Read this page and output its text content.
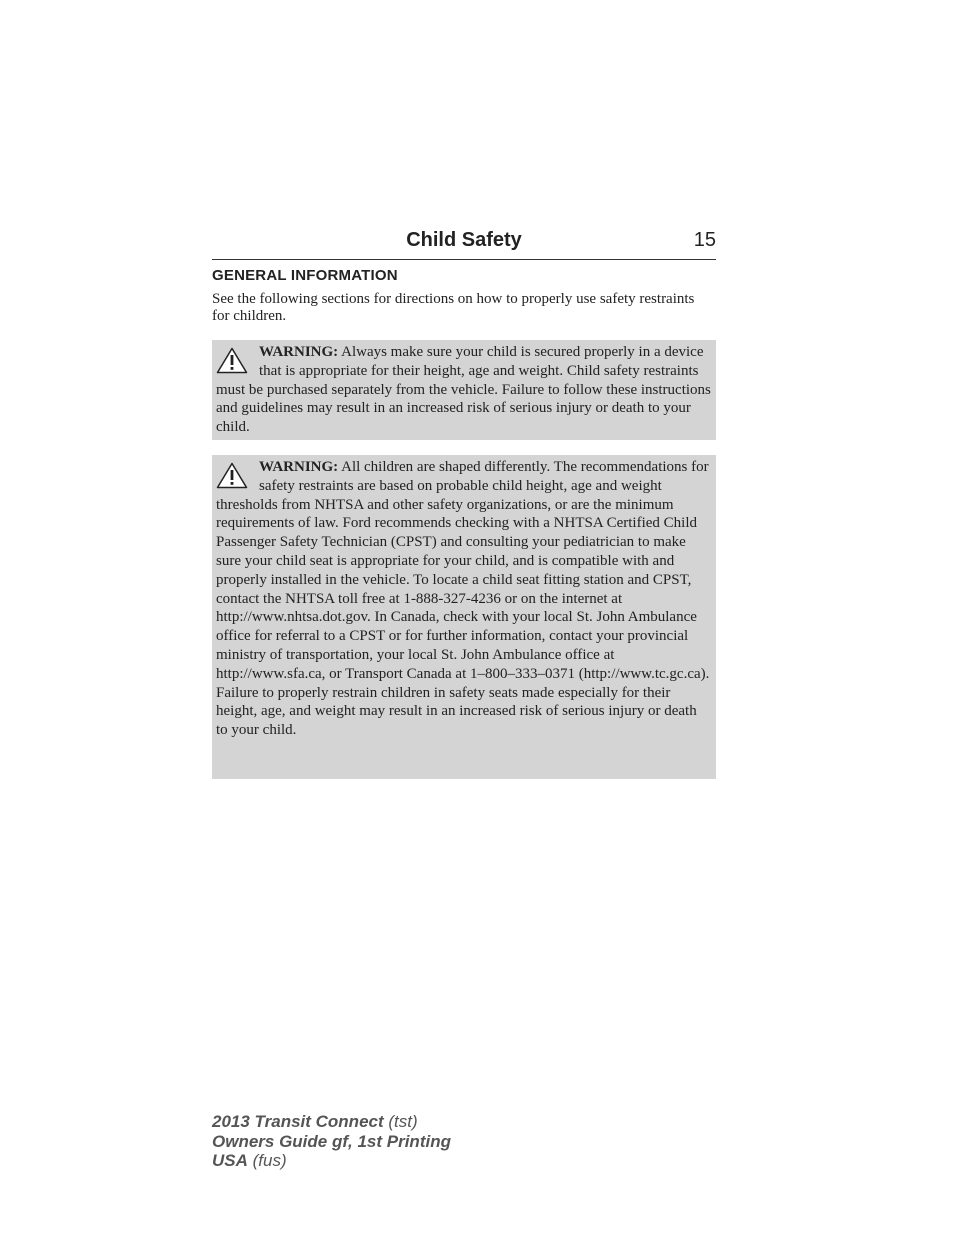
Child Safety	15
GENERAL INFORMATION
See the following sections for directions on how to properly use safety restraints for children.
WARNING: Always make sure your child is secured properly in a device that is appropriate for their height, age and weight. Child safety restraints must be purchased separately from the vehicle. Failure to follow these instructions and guidelines may result in an increased risk of serious injury or death to your child.
WARNING: All children are shaped differently. The recommendations for safety restraints are based on probable child height, age and weight thresholds from NHTSA and other safety organizations, or are the minimum requirements of law. Ford recommends checking with a NHTSA Certified Child Passenger Safety Technician (CPST) and consulting your pediatrician to make sure your child seat is appropriate for your child, and is compatible with and properly installed in the vehicle. To locate a child seat fitting station and CPST, contact the NHTSA toll free at 1-888-327-4236 or on the internet at http://www.nhtsa.dot.gov. In Canada, check with your local St. John Ambulance office for referral to a CPST or for further information, contact your provincial ministry of transportation, your local St. John Ambulance office at http://www.sfa.ca, or Transport Canada at 1–800–333–0371 (http://www.tc.gc.ca). Failure to properly restrain children in safety seats made especially for their height, age, and weight may result in an increased risk of serious injury or death to your child.
2013 Transit Connect (tst)
Owners Guide gf, 1st Printing
USA (fus)
